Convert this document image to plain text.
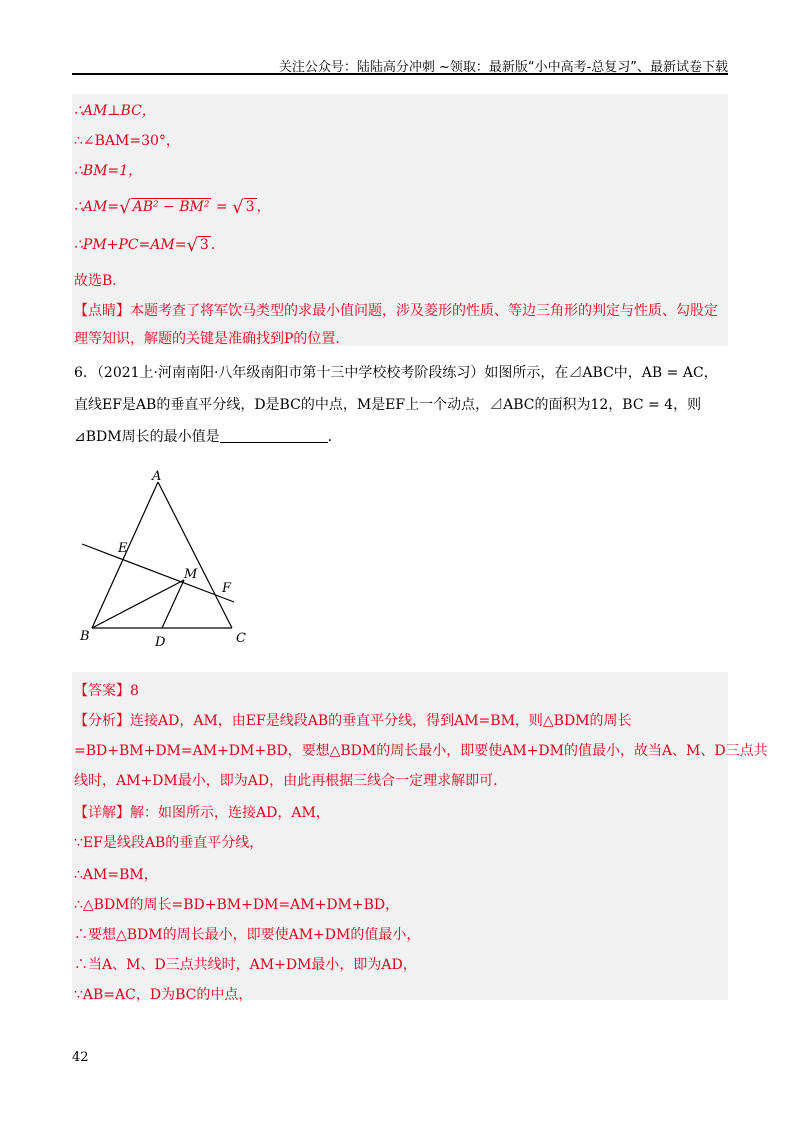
关注公众号：陆陆高分冲刺 ~领取：最新版“小中高考-总复习”、最新试卷下载
∴AM⊥BC，
∴∠BAM=30°，
∴BM=1，
∴AM=√ AB² − BM² = √ 3 ，
∴PM+PC=AM=√ 3 ．
故选B．
【点睛】本题考查了将军饮马类型的求最小值问题，涉及菱形的性质、等边三角形的判定与性质、勾股定
理等知识，解题的关键是准确找到P的位置.
6．（2021上·河南南阳·八年级南阳市第十三中学校校考阶段练习）如图所示，在⊿ABC中，AB = AC，
直线EF是AB的垂直平分线，D是BC的中点，M是EF上一个动点，⊿ABC的面积为12，BC = 4，则
⊿BDM周长的最小值是	．
A
B	C
D
E
F
M
【答案】8
【分析】连接AD，AM，由EF是线段AB的垂直平分线，得到AM=BM，则△BDM的周长
=BD+BM+DM=AM+DM+BD，要想△BDM的周长最小，即要使AM+DM的值最小，故当A、M、D三点共
线时，AM+DM最小，即为AD，由此再根据三线合一定理求解即可.
【详解】解：如图所示，连接AD，AM，
∵EF是线段AB的垂直平分线，
∴AM=BM，
∴△BDM的周长=BD+BM+DM=AM+DM+BD，
∴要想△BDM的周长最小，即要使AM+DM的值最小，
∴当A、M、D三点共线时，AM+DM最小，即为AD，
∵AB=AC，D为BC的中点，
42
